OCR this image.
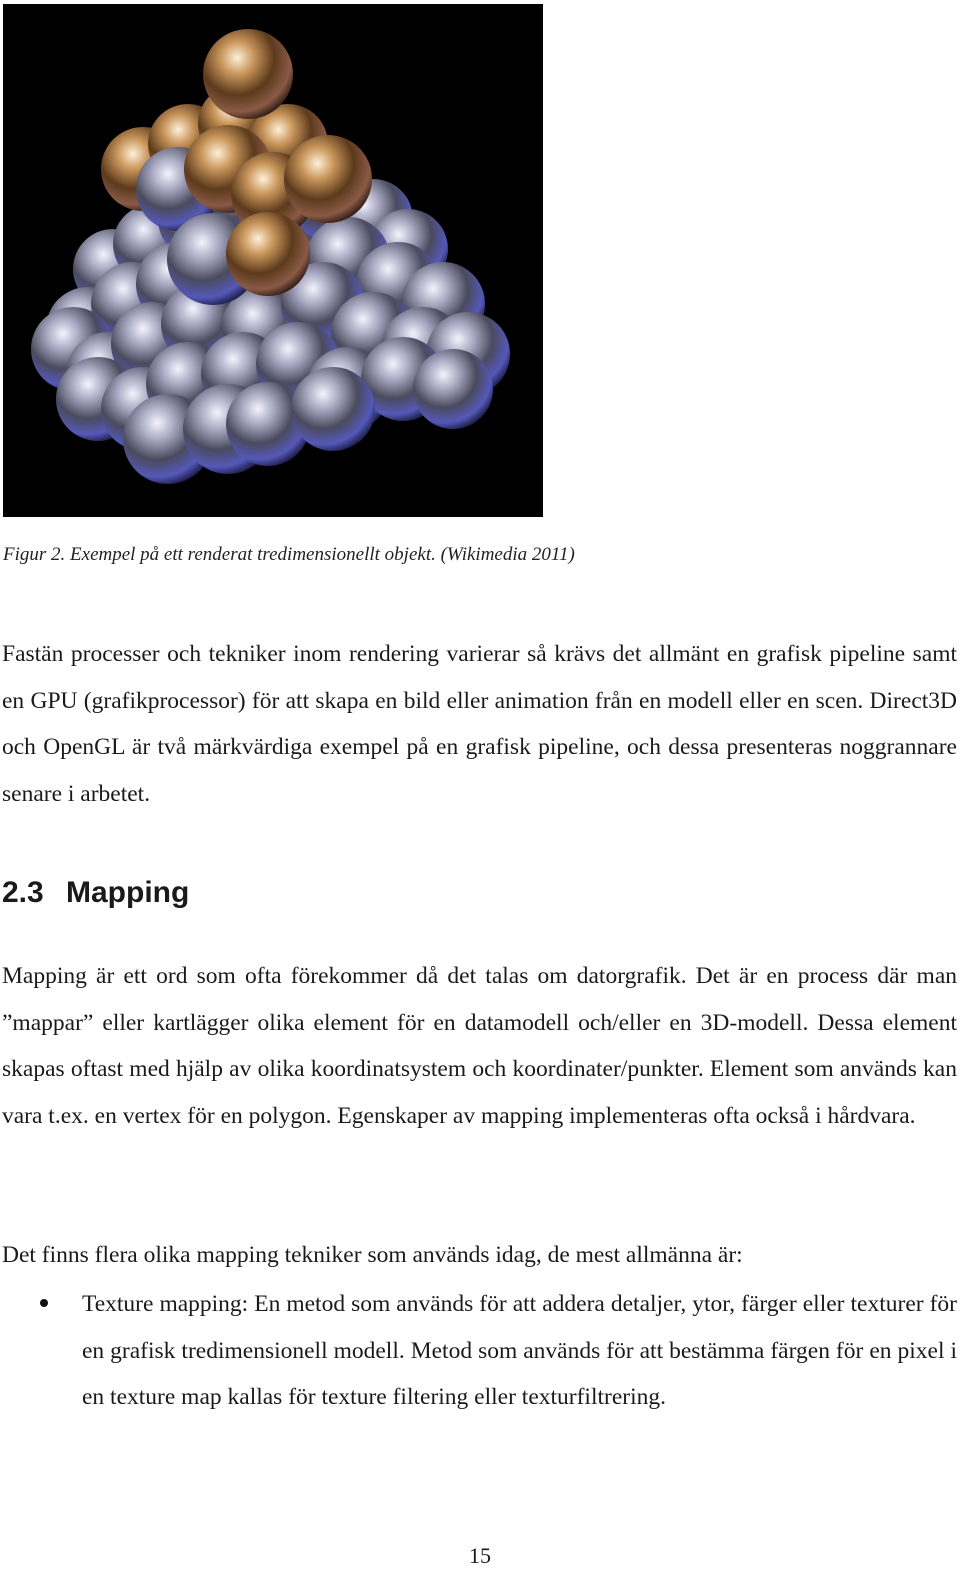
Figur 2. Exempel på ett renderat tredimensionellt objekt. (Wikimedia 2011)

Fastän processer och tekniker inom rendering varierar så krävs det allmänt en grafisk pipeline samt en GPU (grafikprocessor) för att skapa en bild eller animation från en modell eller en scen. Direct3D och OpenGL är två märkvärdiga exempel på en grafisk pipeline, och dessa presenteras noggrannare senare i arbetet.

2.3 Mapping

Mapping är ett ord som ofta förekommer då det talas om datorgrafik. Det är en process där man ”mappar” eller kartlägger olika element för en datamodell och/eller en 3D-modell. Dessa element skapas oftast med hjälp av olika koordinatsystem och koordinater/punkter. Element som används kan vara t.ex. en vertex för en polygon. Egenskaper av mapping implementeras ofta också i hårdvara.

Det finns flera olika mapping tekniker som används idag, de mest allmänna är:

Texture mapping: En metod som används för att addera detaljer, ytor, färger eller texturer för en grafisk tredimensionell modell. Metod som används för att bestämma färgen för en pixel i en texture map kallas för texture filtering eller texturfiltrering.
15
